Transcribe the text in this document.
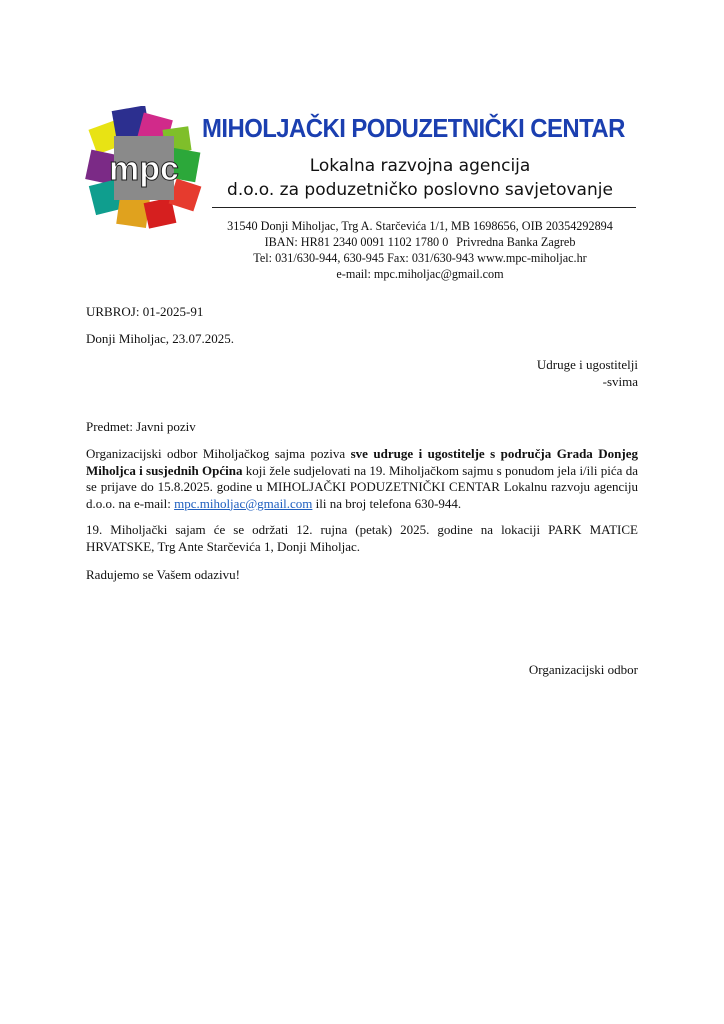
mpc
MIHOLJAČKI PODUZETNIČKI CENTAR
Lokalna razvojna agencija
d.o.o. za poduzetničko poslovno savjetovanje
31540 Donji Miholjac, Trg A. Starčevića 1/1, MB 1698656, OIB 20354292894
IBAN: HR81 2340 0091 1102 1780 0 Privredna Banka Zagreb
Tel: 031/630-944, 630-945 Fax: 031/630-943 www.mpc-miholjac.hr
e-mail: mpc.miholjac@gmail.com
URBROJ: 01-2025-91
Donji Miholjac, 23.07.2025.
Udruge i ugostitelji
-svima
Predmet: Javni poziv
Organizacijski odbor Miholjačkog sajma poziva sve udruge i ugostitelje s područja Grada Donjeg Miholjca i susjednih Općina koji žele sudjelovati na 19. Miholjačkom sajmu s ponudom jela i/ili pića da se prijave do 15.8.2025. godine u MIHOLJAČKI PODUZETNIČKI CENTAR Lokalnu razvoju agenciju d.o.o. na e-mail: mpc.miholjac@gmail.com ili na broj telefona 630-944.
19. Miholjački sajam će se održati 12. rujna (petak) 2025. godine na lokaciji PARK MATICE HRVATSKE, Trg Ante Starčevića 1, Donji Miholjac.
Radujemo se Vašem odazivu!
Organizacijski odbor
